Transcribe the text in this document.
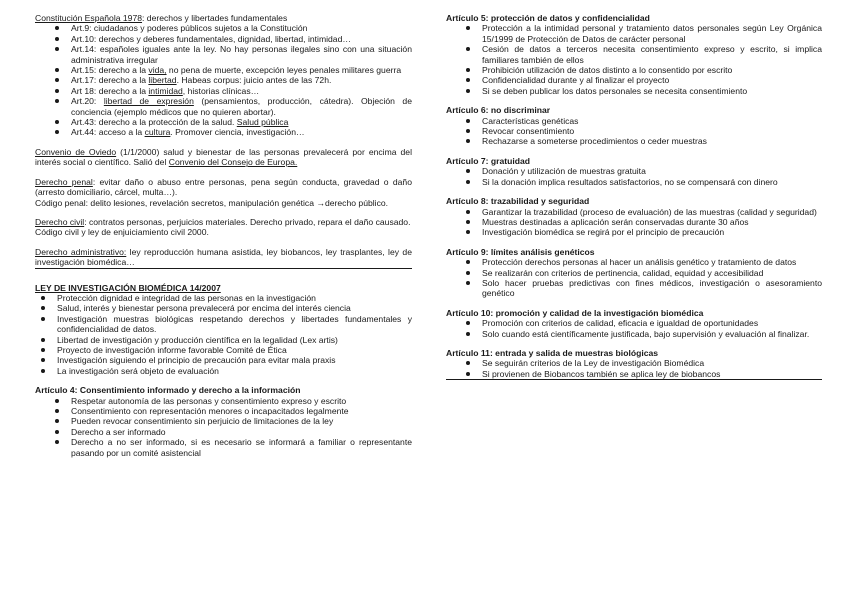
Constitución Española 1978: derechos y libertades fundamentales

Art.9: ciudadanos y poderes públicos sujetos a la Constitución
Art.10: derechos y deberes fundamentales, dignidad, libertad, intimidad…
Art.14: españoles iguales ante la ley. No hay personas ilegales sino con una situación administrativa irregular
Art.15: derecho a la vida, no pena de muerte, excepción leyes penales militares guerra
Art.17: derecho a la libertad. Habeas corpus: juicio antes de las 72h.
Art 18: derecho a la intimidad, historias clínicas…
Art.20: libertad de expresión (pensamientos, producción, cátedra). Objeción de conciencia (ejemplo médicos que no quieren abortar).
Art.43: derecho a la protección de la salud. Salud pública
Art.44: acceso a la cultura. Promover ciencia, investigación…

Convenio de Oviedo (1/1/2000) salud y bienestar de las personas prevalecerá por encima del interés social o científico. Salió del Convenio del Consejo de Europa.

Derecho penal: evitar daño o abuso entre personas, pena según conducta, gravedad o daño (arresto domiciliario, cárcel, multa…).

Código penal: delito lesiones, revelación secretos, manipulación genética →derecho público.

Derecho civil: contratos personas, perjuicios materiales. Derecho privado, repara el daño causado.

Código civil y ley de enjuiciamiento civil 2000.

Derecho administrativo: ley reproducción humana asistida, ley biobancos, ley trasplantes, ley de investigación biomédica…

LEY DE INVESTIGACIÓN BIOMÉDICA 14/2007

Protección dignidad e integridad de las personas en la investigación
Salud, interés y bienestar persona prevalecerá por encima del interés ciencia
Investigación muestras biológicas respetando derechos y libertades fundamentales y confidencialidad de datos.
Libertad de investigación y producción científica en la legalidad (Lex artis)
Proyecto de investigación informe favorable Comité de Ética
Investigación siguiendo el principio de precaución para evitar mala praxis
La investigación será objeto de evaluación

Artículo 4: Consentimiento informado y derecho a la información

Respetar autonomía de las personas y consentimiento expreso y escrito
Consentimiento con representación menores o incapacitados legalmente
Pueden revocar consentimiento sin perjuicio de limitaciones de la ley
Derecho a ser informado
Derecho a no ser informado, si es necesario se informará a familiar o representante pasando por un comité asistencial

Artículo 5: protección de datos y confidencialidad

Protección a la intimidad personal y tratamiento datos personales según Ley Orgánica 15/1999 de Protección de Datos de carácter personal
Cesión de datos a terceros necesita consentimiento expreso y escrito, si implica familiares también de ellos
Prohibición utilización de datos distinto a lo consentido por escrito
Confidencialidad durante y al finalizar el proyecto
Si se deben publicar los datos personales se necesita consentimiento

Artículo 6: no discriminar

Características genéticas
Revocar consentimiento
Rechazarse a someterse procedimientos o ceder muestras

Artículo 7: gratuidad

Donación y utilización de muestras gratuita
Si la donación implica resultados satisfactorios, no se compensará con dinero

Artículo 8: trazabilidad y seguridad

Garantizar la trazabilidad (proceso de evaluación) de las muestras (calidad y seguridad)
Muestras destinadas a aplicación serán conservadas durante 30 años
Investigación biomédica se regirá por el principio de precaución

Artículo 9: límites análisis genéticos

Protección derechos personas al hacer un análisis genético y tratamiento de datos
Se realizarán con criterios de pertinencia, calidad, equidad y accesibilidad
Solo hacer pruebas predictivas con fines médicos, investigación o asesoramiento genético

Artículo 10: promoción y calidad de la investigación biomédica

Promoción con criterios de calidad, eficacia e igualdad de oportunidades
Solo cuando está científicamente justificada, bajo supervisión y evaluación al finalizar.

Artículo 11: entrada y salida de muestras biológicas

Se seguirán criterios de la Ley de investigación Biomédica
Si provienen de Biobancos también se aplica ley de biobancos
